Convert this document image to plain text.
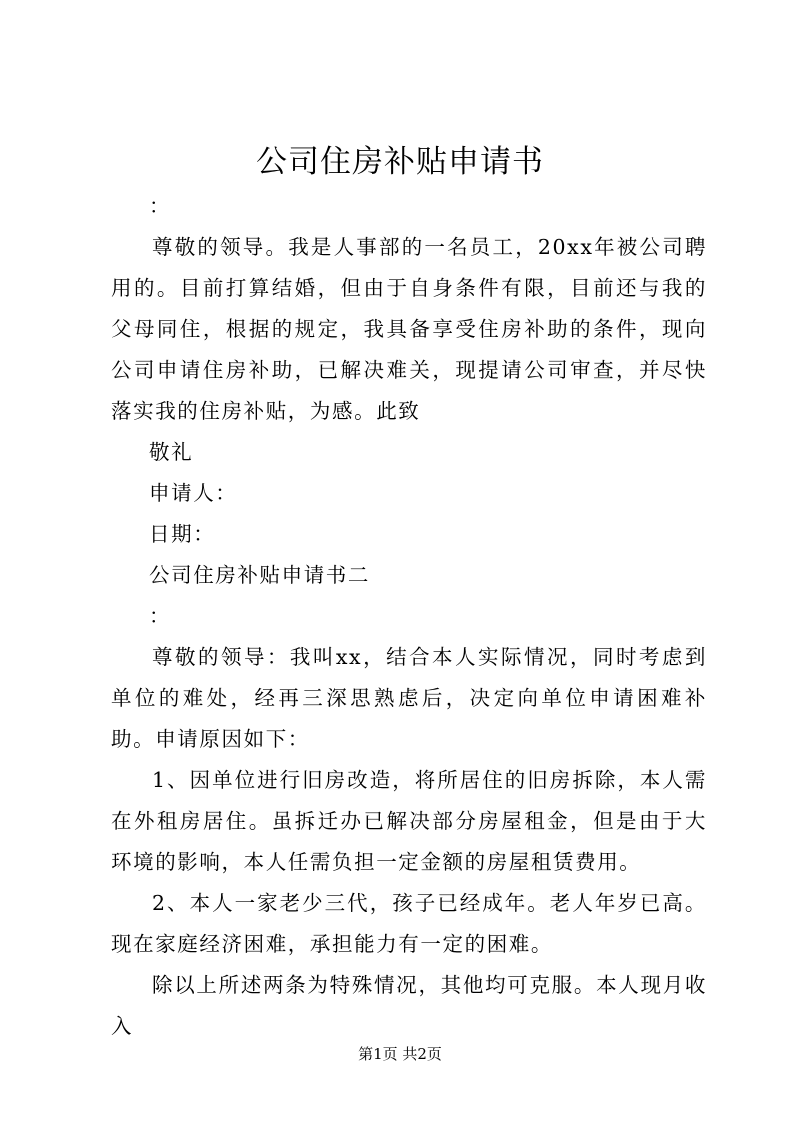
公司住房补贴申请书

：

尊敬的领导。我是人事部的一名员工，20xx年被公司聘用的。目前打算结婚，但由于自身条件有限，目前还与我的父母同住，根据的规定，我具备享受住房补助的条件，现向公司申请住房补助，已解决难关，现提请公司审查，并尽快落实我的住房补贴，为感。此致

敬礼

申请人：

日期：

公司住房补贴申请书二

：

尊敬的领导：我叫xx，结合本人实际情况，同时考虑到单位的难处，经再三深思熟虑后，决定向单位申请困难补助。申请原因如下：

1、因单位进行旧房改造，将所居住的旧房拆除，本人需在外租房居住。虽拆迁办已解决部分房屋租金，但是由于大环境的影响，本人任需负担一定金额的房屋租赁费用。

2、本人一家老少三代，孩子已经成年。老人年岁已高。现在家庭经济困难，承担能力有一定的困难。

除以上所述两条为特殊情况，其他均可克服。本人现月收入

第1页 共2页
